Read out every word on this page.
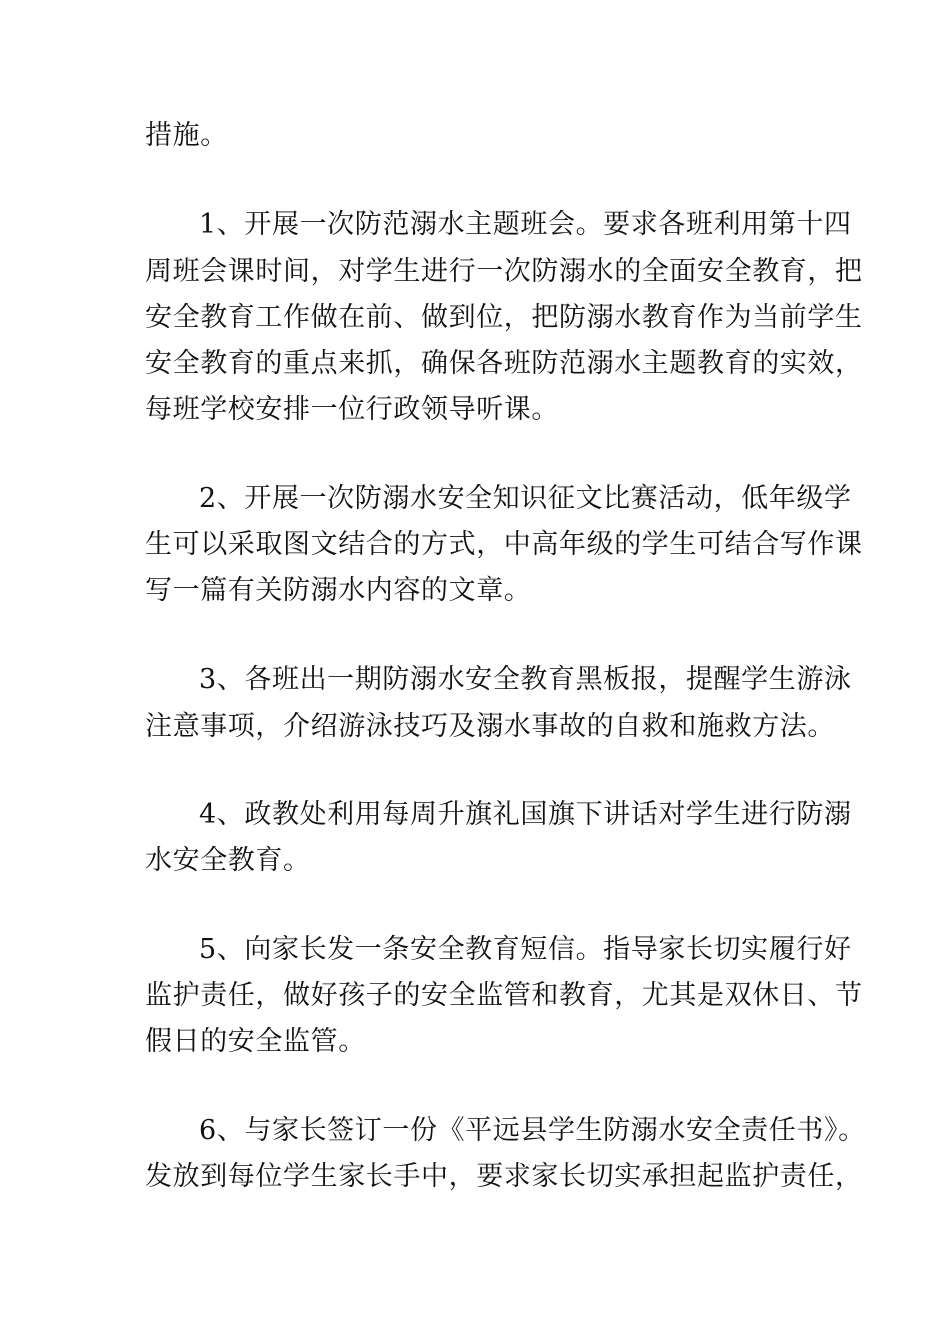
措施。
1、开展一次防范溺水主题班会。要求各班利用第十四
周班会课时间，对学生进行一次防溺水的全面安全教育，把
安全教育工作做在前、做到位，把防溺水教育作为当前学生
安全教育的重点来抓，确保各班防范溺水主题教育的实效，
每班学校安排一位行政领导听课。
2、开展一次防溺水安全知识征文比赛活动，低年级学
生可以采取图文结合的方式，中高年级的学生可结合写作课
写一篇有关防溺水内容的文章。
3、各班出一期防溺水安全教育黑板报，提醒学生游泳
注意事项，介绍游泳技巧及溺水事故的自救和施救方法。
4、政教处利用每周升旗礼国旗下讲话对学生进行防溺
水安全教育。
5、向家长发一条安全教育短信。指导家长切实履行好
监护责任，做好孩子的安全监管和教育，尤其是双休日、节
假日的安全监管。
6、与家长签订一份《平远县学生防溺水安全责任书》。
发放到每位学生家长手中，要求家长切实承担起监护责任，
